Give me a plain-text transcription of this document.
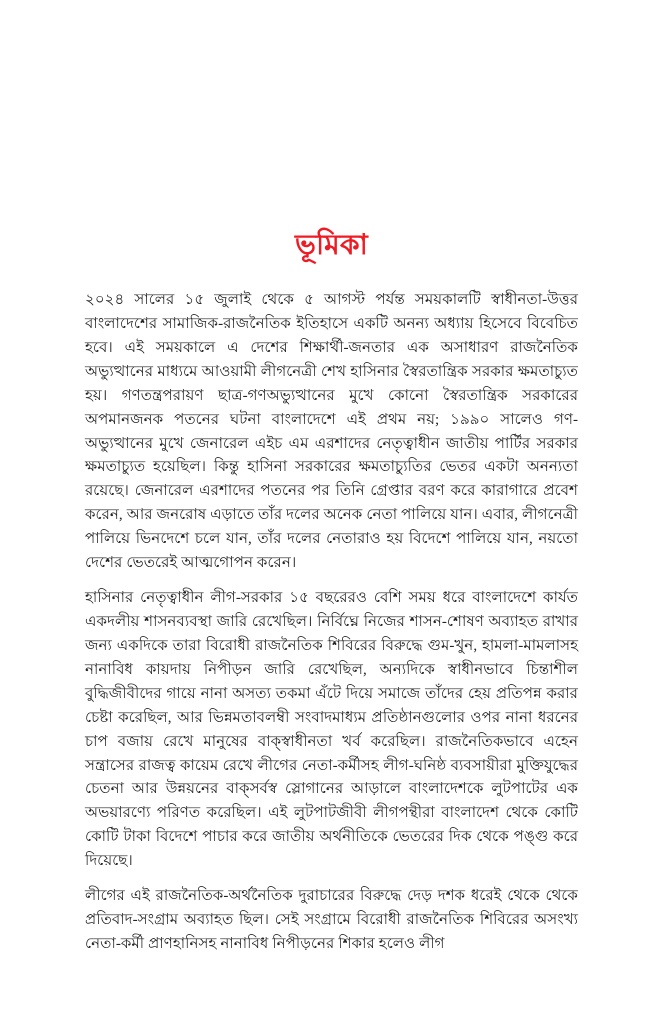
ভূমিকা

২০২৪ সালের ১৫ জুলাই থেকে ৫ আগস্ট পর্যন্ত সময়কালটি স্বাধীনতা-উত্তর বাংলাদেশের সামাজিক-রাজনৈতিক ইতিহাসে একটি অনন্য অধ্যায় হিসেবে বিবেচিত হবে। এই সময়কালে এ দেশের শিক্ষার্থী-জনতার এক অসাধারণ রাজনৈতিক অভ্যুত্থানের মাধ্যমে আওয়ামী লীগনেত্রী শেখ হাসিনার স্বৈরতান্ত্রিক সরকার ক্ষমতাচ্যুত হয়। গণতন্ত্রপরায়ণ ছাত্র-গণঅভ্যুত্থানের মুখে কোনো স্বৈরতান্ত্রিক সরকারের অপমানজনক পতনের ঘটনা বাংলাদেশে এই প্রথম নয়; ১৯৯০ সালেও গণ-অভ্যুত্থানের মুখে জেনারেল এইচ এম এরশাদের নেতৃত্বাধীন জাতীয় পার্টির সরকার ক্ষমতাচ্যুত হয়েছিল। কিন্তু হাসিনা সরকারের ক্ষমতাচ্যুতির ভেতর একটা অনন্যতা রয়েছে। জেনারেল এরশাদের পতনের পর তিনি গ্রেপ্তার বরণ করে কারাগারে প্রবেশ করেন, আর জনরোষ এড়াতে তাঁর দলের অনেক নেতা পালিয়ে যান। এবার, লীগনেত্রী পালিয়ে ভিনদেশে চলে যান, তাঁর দলের নেতারাও হয় বিদেশে পালিয়ে যান, নয়তো দেশের ভেতরেই আত্মগোপন করেন।

হাসিনার নেতৃত্বাধীন লীগ-সরকার ১৫ বছরেরও বেশি সময় ধরে বাংলাদেশে কার্যত একদলীয় শাসনব্যবস্থা জারি রেখেছিল। নির্বিঘ্নে নিজের শাসন-শোষণ অব্যাহত রাখার জন্য একদিকে তারা বিরোধী রাজনৈতিক শিবিরের বিরুদ্ধে গুম-খুন, হামলা-মামলাসহ নানাবিধ কায়দায় নিপীড়ন জারি রেখেছিল, অন্যদিকে স্বাধীনভাবে চিন্তাশীল বুদ্ধিজীবীদের গায়ে নানা অসত্য তকমা এঁটে দিয়ে সমাজে তাঁদের হেয় প্রতিপন্ন করার চেষ্টা করেছিল, আর ভিন্নমতাবলম্বী সংবাদমাধ্যম প্রতিষ্ঠানগুলোর ওপর নানা ধরনের চাপ বজায় রেখে মানুষের বাক্‌স্বাধীনতা খর্ব করেছিল। রাজনৈতিকভাবে এহেন সন্ত্রাসের রাজত্ব কায়েম রেখে লীগের নেতা-কর্মীসহ লীগ-ঘনিষ্ঠ ব্যবসায়ীরা মুক্তিযুদ্ধের চেতনা আর উন্নয়নের বাক্‌সর্বস্ব স্লোগানের আড়ালে বাংলাদেশকে লুটপাটের এক অভয়ারণ্যে পরিণত করেছিল। এই লুটপাটজীবী লীগপন্থীরা বাংলাদেশ থেকে কোটি কোটি টাকা বিদেশে পাচার করে জাতীয় অর্থনীতিকে ভেতরের দিক থেকে পঙ্গু করে দিয়েছে।

লীগের এই রাজনৈতিক-অর্থনৈতিক দুরাচারের বিরুদ্ধে দেড় দশক ধরেই থেকে থেকে প্রতিবাদ-সংগ্রাম অব্যাহত ছিল। সেই সংগ্রামে বিরোধী রাজনৈতিক শিবিরের অসংখ্য নেতা-কর্মী প্রাণহানিসহ নানাবিধ নিপীড়নের শিকার হলেও লীগ
